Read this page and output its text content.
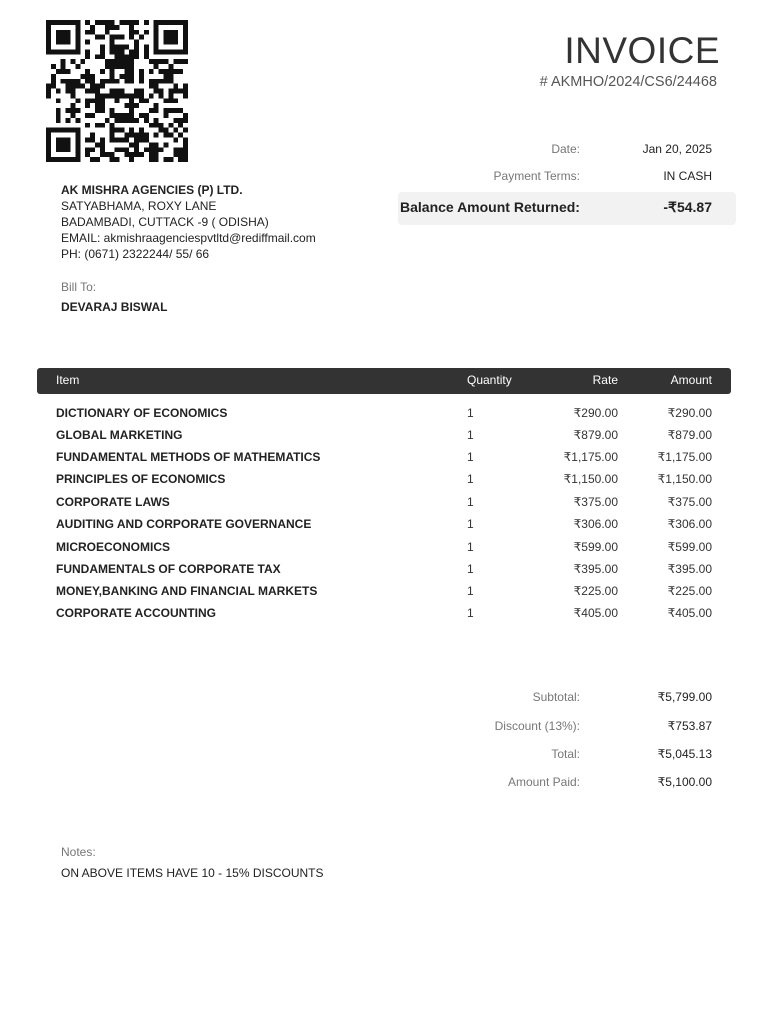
INVOICE
# AKMHO/2024/CS6/24468
AK MISHRA AGENCIES (P) LTD.
SATYABHAMA, ROXY LANE
BADAMBADI, CUTTACK -9 ( ODISHA)
EMAIL: akmishraagenciespvtltd@rediffmail.com
PH: (0671) 2322244/ 55/ 66
Bill To:
DEVARAJ BISWAL
Date:	Jan 20, 2025
Payment Terms:	IN CASH
Balance Amount Returned:	-₹54.87
Item	Quantity	Rate	Amount
DICTIONARY OF ECONOMICS	1	₹290.00	₹290.00
GLOBAL MARKETING	1	₹879.00	₹879.00
FUNDAMENTAL METHODS OF MATHEMATICS	1	₹1,175.00	₹1,175.00
PRINCIPLES OF ECONOMICS	1	₹1,150.00	₹1,150.00
CORPORATE LAWS	1	₹375.00	₹375.00
AUDITING AND CORPORATE GOVERNANCE	1	₹306.00	₹306.00
MICROECONOMICS	1	₹599.00	₹599.00
FUNDAMENTALS OF CORPORATE TAX	1	₹395.00	₹395.00
MONEY,BANKING AND FINANCIAL MARKETS	1	₹225.00	₹225.00
CORPORATE ACCOUNTING	1	₹405.00	₹405.00
Subtotal:	₹5,799.00
Discount (13%):	₹753.87
Total:	₹5,045.13
Amount Paid:	₹5,100.00
Notes:
ON ABOVE ITEMS HAVE 10 - 15% DISCOUNTS
